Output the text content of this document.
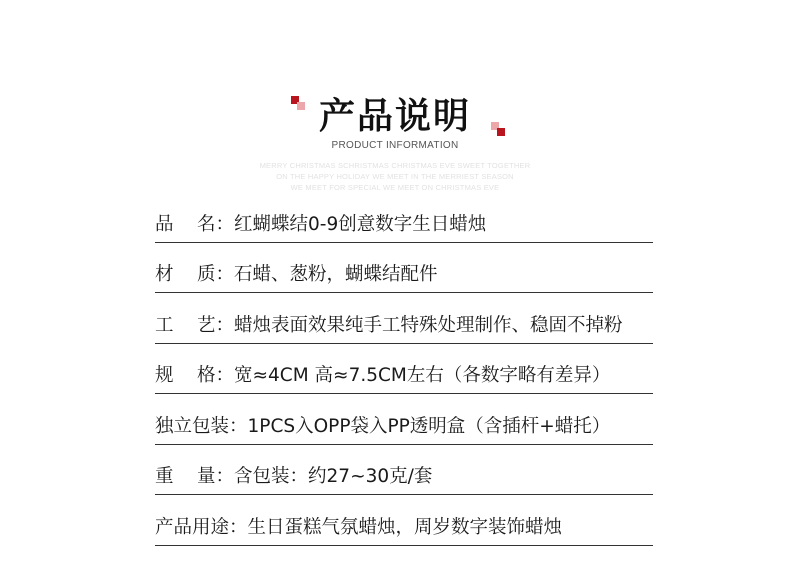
产品说明
PRODUCT INFORMATION
MERRY CHRISTMAS SCHRISTMAS CHRISTMAS EVE SWEET TOGETHER
ON THE HAPPY HOLIDAY WE MEET IN THE MERRIEST SEASON
WE MEET FOR SPECIAL WE MEET ON CHRISTMAS EVE
品    名：红蝴蝶结0-9创意数字生日蜡烛
材    质：石蜡、葱粉，蝴蝶结配件
工    艺：蜡烛表面效果纯手工特殊处理制作、稳固不掉粉
规    格：宽≈4CM 高≈7.5CM左右（各数字略有差异）
独立包装：1PCS入OPP袋入PP透明盒（含插杆+蜡托）
重    量：含包装：约27~30克/套
产品用途：生日蛋糕气氛蜡烛，周岁数字装饰蜡烛
